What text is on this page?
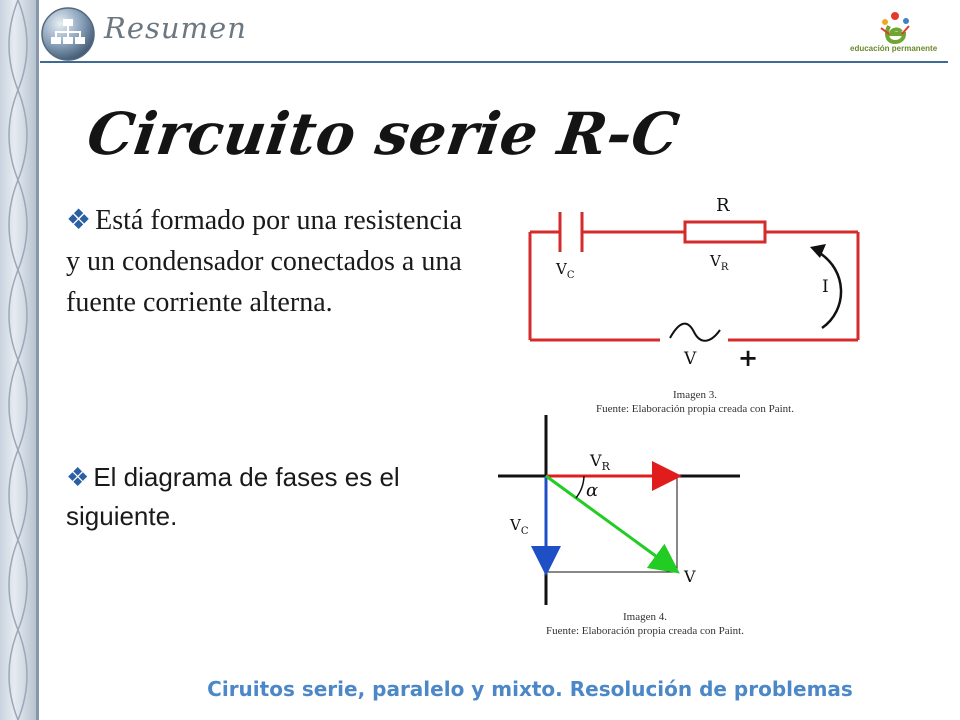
Resumen
educación permanente
Circuito serie R-C
❖ Está formado por una resistencia y un condensador conectados a una fuente corriente alterna.
❖ El diagrama de fases es el siguiente.
R
$V_C$
$V_R$
I
V +
Imagen 3.
Fuente: Elaboración propia creada con Paint.
$V_R$
$V_C$
V
α
Imagen 4.
Fuente: Elaboración propia creada con Paint.
Ciruitos serie, paralelo y mixto. Resolución de problemas
